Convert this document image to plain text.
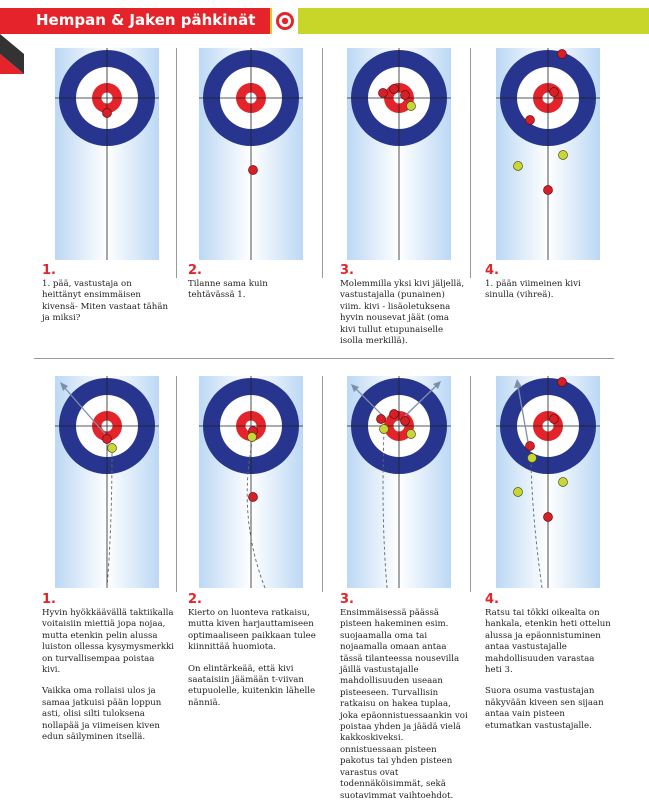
Hempan & Jaken pähkinät
1.
1. pää, vastustaja on heittänyt ensimmäisen kivensä- Miten vastaat tähän ja miksi?
2.
Tilanne sama kuin tehtävässä 1.
3.
Molemmilla yksi kivi jäljellä, vastustajalla (punainen) viim. kivi - lisäoletuksena hyvin nousevat jäät (oma kivi tullut etupunaiselle isolla merkillä).
4.
1. pään viimeinen kivi sinulla (vihreä).
1.

Hyvin hyökkäävällä taktiikalla voitaisiin miettiä jopa nojaa, mutta etenkin pelin alussa luiston ollessa kysymysmerkki on turvallisempaa poistaa kivi.

Vaikka oma rollaisi ulos ja samaa jatkuisi pään loppun asti, olisi silti tuloksena nollapää ja viimeisen kiven edun säilyminen itsellä.

2.

Kierto on luonteva ratkaisu, mutta kiven harjauttamiseen optimaaliseen paikkaan tulee kiinnittää huomiota.

On elintärkeää, että kivi saataisiin jäämään t-viivan etupuolelle, kuitenkin lähelle nänniä.

3.

Ensimmäisessä päässä pisteen hakeminen esim. suojaamalla oma tai nojaamalla omaan antaa tässä tilanteessa nousevilla jäillä vastustajalle mahdollisuuden useaan pisteeseen. Turvallisin ratkaisu on hakea tuplaa, joka epäonnistuessaankin voi poistaa yhden ja jäädä vielä kakkoskiveksi. onnistuessaan pisteen pakotus tai yhden pisteen varastus ovat todennäköisimmät, sekä suotavimmat vaihtoehdot.

4.

Ratsu tai tökki oikealta on hankala, etenkin heti ottelun alussa ja epäonnistuminen antaa vastustajalle mahdollisuuden varastaa heti 3.

Suora osuma vastustajan näkyvään kiveen sen sijaan antaa vain pisteen etumatkan vastustajalle.
